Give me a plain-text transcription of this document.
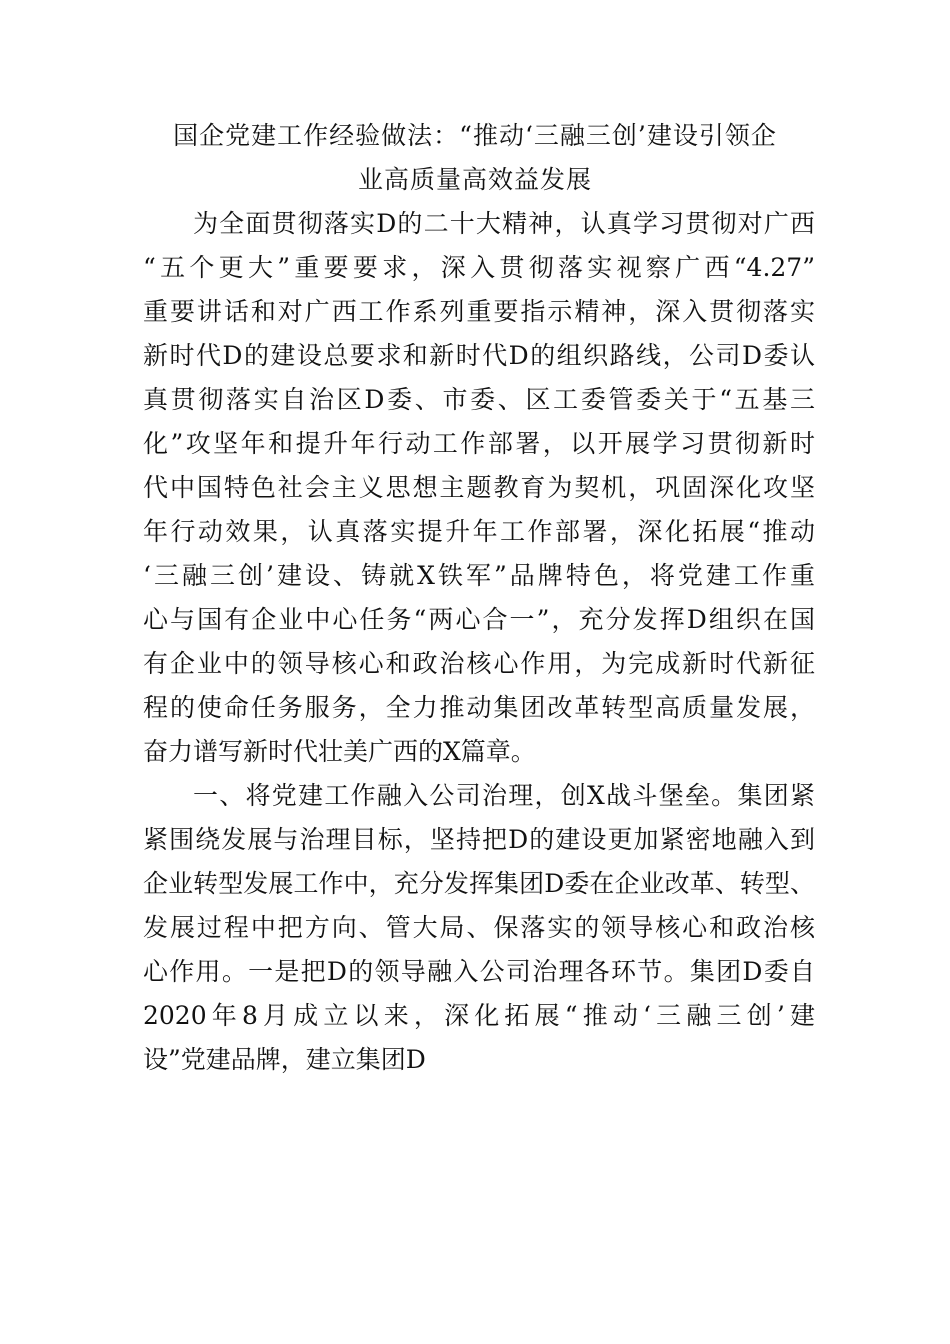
国企党建工作经验做法：“推动‘三融三创’建设引领企
业高质量高效益发展

为全面贯彻落实D的二十大精神，认真学习贯彻对广西

“五个更大”重要要求，深入贯彻落实视察广西“4.27”

重要讲话和对广西工作系列重要指示精神，深入贯彻落实

新时代D的建设总要求和新时代D的组织路线，公司D委认

真贯彻落实自治区D委、市委、区工委管委关于“五基三

化”攻坚年和提升年行动工作部署，以开展学习贯彻新时

代中国特色社会主义思想主题教育为契机，巩固深化攻坚

年行动效果，认真落实提升年工作部署，深化拓展“推动

‘三融三创’建设、铸就X铁军”品牌特色，将党建工作重

心与国有企业中心任务“两心合一”，充分发挥D组织在国

有企业中的领导核心和政治核心作用，为完成新时代新征

程的使命任务服务，全力推动集团改革转型高质量发展，

奋力谱写新时代壮美广西的X篇章。

一、将党建工作融入公司治理，创X战斗堡垒。集团紧

紧围绕发展与治理目标，坚持把D的建设更加紧密地融入到

企业转型发展工作中，充分发挥集团D委在企业改革、转型、

发展过程中把方向、管大局、保落实的领导核心和政治核

心作用。一是把D的领导融入公司治理各环节。集团D委自

2020年8月成立以来，深化拓展“推动‘三融三创’建

设”党建品牌，建立集团D
